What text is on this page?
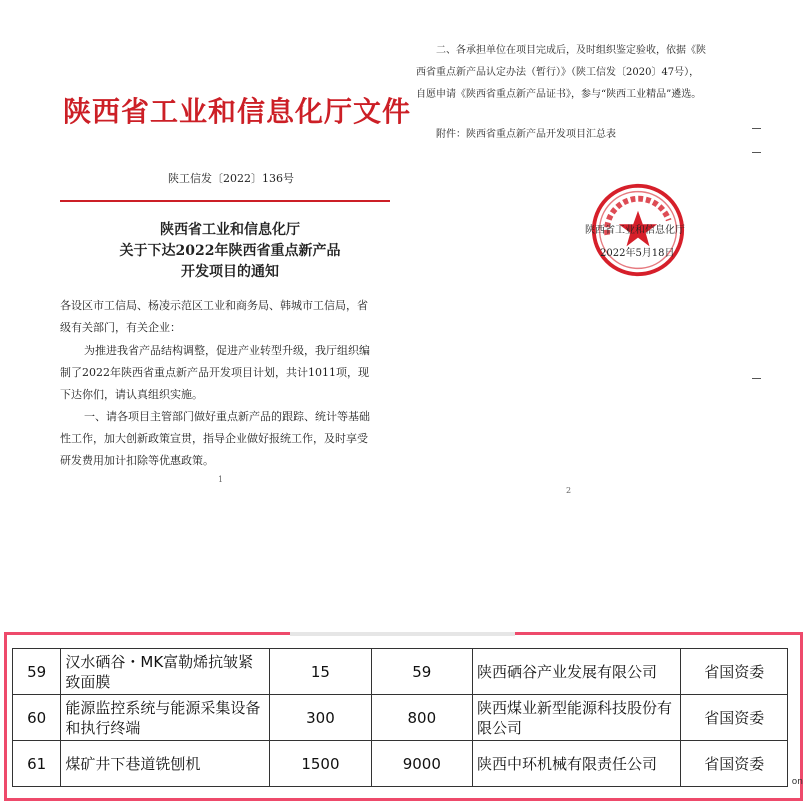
陕西省工业和信息化厅文件
陕工信发〔2022〕136号
陕西省工业和信息化厅
关于下达2022年陕西省重点新产品
开发项目的通知
各设区市工信局、杨凌示范区工业和商务局、韩城市工信局，省
级有关部门，有关企业：
为推进我省产品结构调整，促进产业转型升级，我厅组织编
制了2022年陕西省重点新产品开发项目计划，共计1011项，现
下达你们，请认真组织实施。
一、请各项目主管部门做好重点新产品的跟踪、统计等基础
性工作，加大创新政策宣贯，指导企业做好报统工作，及时享受
研发费用加计扣除等优惠政策。
1
二、各承担单位在项目完成后，及时组织鉴定验收，依据《陕
西省重点新产品认定办法（暂行）》（陕工信发〔2020〕47号），
自愿申请《陕西省重点新产品证书》，参与“陕西工业精品”遴选。
附件：陕西省重点新产品开发项目汇总表
陕西省工业和信息化厅
2022年5月18日
2
59	汉水硒谷・MK富勒烯抗皱紧致面膜	15	59	陕西硒谷产业发展有限公司	省国资委
60	能源监控系统与能源采集设备和执行终端	300	800	陕西煤业新型能源科技股份有限公司	省国资委
61	煤矿井下巷道铣刨机	1500	9000	陕西中环机械有限责任公司	省国资委
on
